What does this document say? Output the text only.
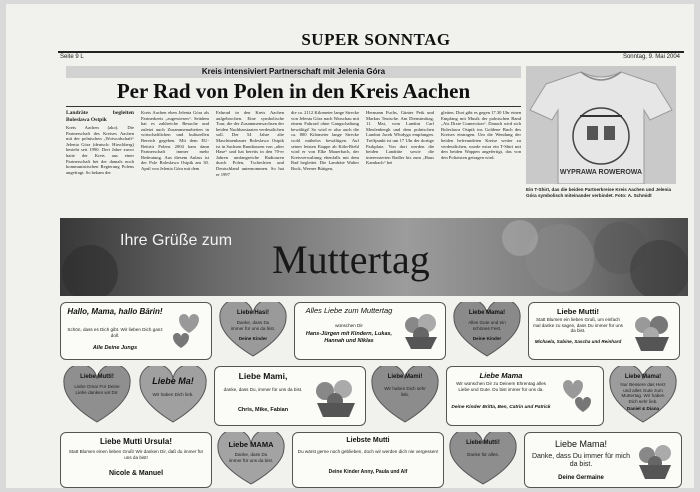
SUPER SONNTAG
Seite 9 L	Sonntag, 9. Mai 2004
Kreis intensiviert Partnerschaft mit Jelenia Góra
Per Rad von Polen in den Kreis Aachen
Landräte begleiten Boleslawa Ostpik
Kreis Aachen (ako). Die Partnerschaft des Kreises Aachen mit der polnischen „Woiwodschaft“ Jelenia Góra (deutsch: Hirschberg) besteht seit 1990. Drei Jahre zuvor hatte der Kreis aus einer Partnerschaft bei der damals noch kommunistischen Regierung Polens angefragt. So bekam der
Kreis Aachen eben Jelenia Góra als Partnerkreis „zugewiesen“. Seitdem hat es zahlreiche Besuche und zuletzt auch Zusammenarbeiten in wirtschaftlichen und kulturellen Bereich gegeben. Mit dem EU-Beitritt Polens 2004 kam dann Partnerschaft immer mehr Bedeutung. Aus diesem Anlass ist der Pole Boleslawa Ostpik am 30. April von Jelenia Góra mit dem
Fahrrad in den Kreis Aachen aufgebrochen. Eine symbolische Tour, die der Zusammenwachsen der beiden Nachbarstaaten verdeutlichen soll. Der 54 Jahre alte Maschinenbauer Boleslawa Ostpik ist in Sachsen Rundtouren von „alter Hase“ und hat bereits in den 70-er Jahren umfangreiche Radtouren durch Polen, Tschechien und Deutschland unternommen. So hat er 1997
die ca. 2112 Kilometer lange Strecke von Jelenia Góra nach Warschau mit einem Fahrrad ohne Gangschaltung bewältigt! So wird er also auch die ca. 800 Kilometer lange Strecke wohl mühelos bewältigen. Auf seiner letzten Etappe ab Köln-Riehl wird er von Elke Mauerbach, der Kreisverwaltung ebenfalls mit dem Rad begleitet. Die Landräte Walter Bock, Werner Büttgen,
Hermann Fuchs, Günter Peik und Markus Teutsche. Am Dienstmittag, 11. Mai, vom Landrat Carl Meulenbergh und dem polnischen Landrat Jacek Włodyga empfangen. Treffpunkt ist um 17 Uhr der dortige Parkplatz. Von dort werden die beiden Landräte sowie die interessierten Radler bis zum „Haus Kambach“ bei
gleiten. Dort gibt es gegen 17.30 Uhr einen Empfang mit Musik der polnischen Band „Ais Dixie Connection“. Danach wird sich Boleslawa Ostpik ins Goldene Buch des Kreises eintragen. Um die Wendung der beiden befreundeten Kreise weiter zu verdeutlichen, wurde extra ein T-Shirt mit den beiden Wappen angefertigt, das von den Polizisten getragen wird.
WYPRAWA ROWEROWA
Ein T-Shirt, das die beiden Partnerkreise Kreis Aachen und Jelenia Góra symbolisch miteinander verbindet. Foto: A. Schmidt
Ihre Grüße zum Muttertag
Hallo, Mama, hallo Bärin!
Schön, dass es Dich gibt. Wir lieben Dich ganz doll.
Alle Deine Jungs
Liebe Hasi!
Danke, dass Du immer für uns da bist.
Deine Kinder
Alles Liebe zum Muttertag
wünschen Dir
Hans-Jürgen mit Kindern, Lukas, Hannah und Niklas
Liebe Mama!
Alles Gute und ein schönes Fest.
Deine Kinder
Liebe Mutti!
Statt Blumen ein lieben Gruß, um einfach mal danke zu sagen, dass Du immer für uns da bist.
Michaela, Sabine, Sascha und Reinhard
Liebe Mutti!
Liebe Oma! Für Deine Liebe danken wir Dir.
Liebe Ma!
Wir haben Dich lieb.
Liebe Mami,
danke, dass Du, immer für uns da bist.
Chris, Mike, Fabian
Liebe Mami!
Wir haben Dich sehr lieb.
Liebe Mama
Wir wünschen Dir zu Deinem Ehrentag alles Liebe und Gute. Du bist immer für uns da.
Deine Kinder Britta, Ben, Catrin und Patrick
Liebe Mama!
Nur Bessere das Herz und alles Gute zum Muttertag. Wir haben Dich sehr lieb.
Daniel & Diana
Liebe Mutti Ursula!
Statt Blumen einen lieben Gruß! Wir danken Dir, daß du immer für uns da bist!
Nicole & Manuel
Liebe MAMA
Danke, dass Du immer für uns da bist.
Liebste Mutti
Du wärst gerne noch geblieben, doch wir werden dich nie vergessen!
Deine Kinder Anny, Paula und Alf
Liebe Mutti!
Danke für alles.
Liebe Mama!
Danke, dass Du immer für mich da bist.
Deine Germaine
